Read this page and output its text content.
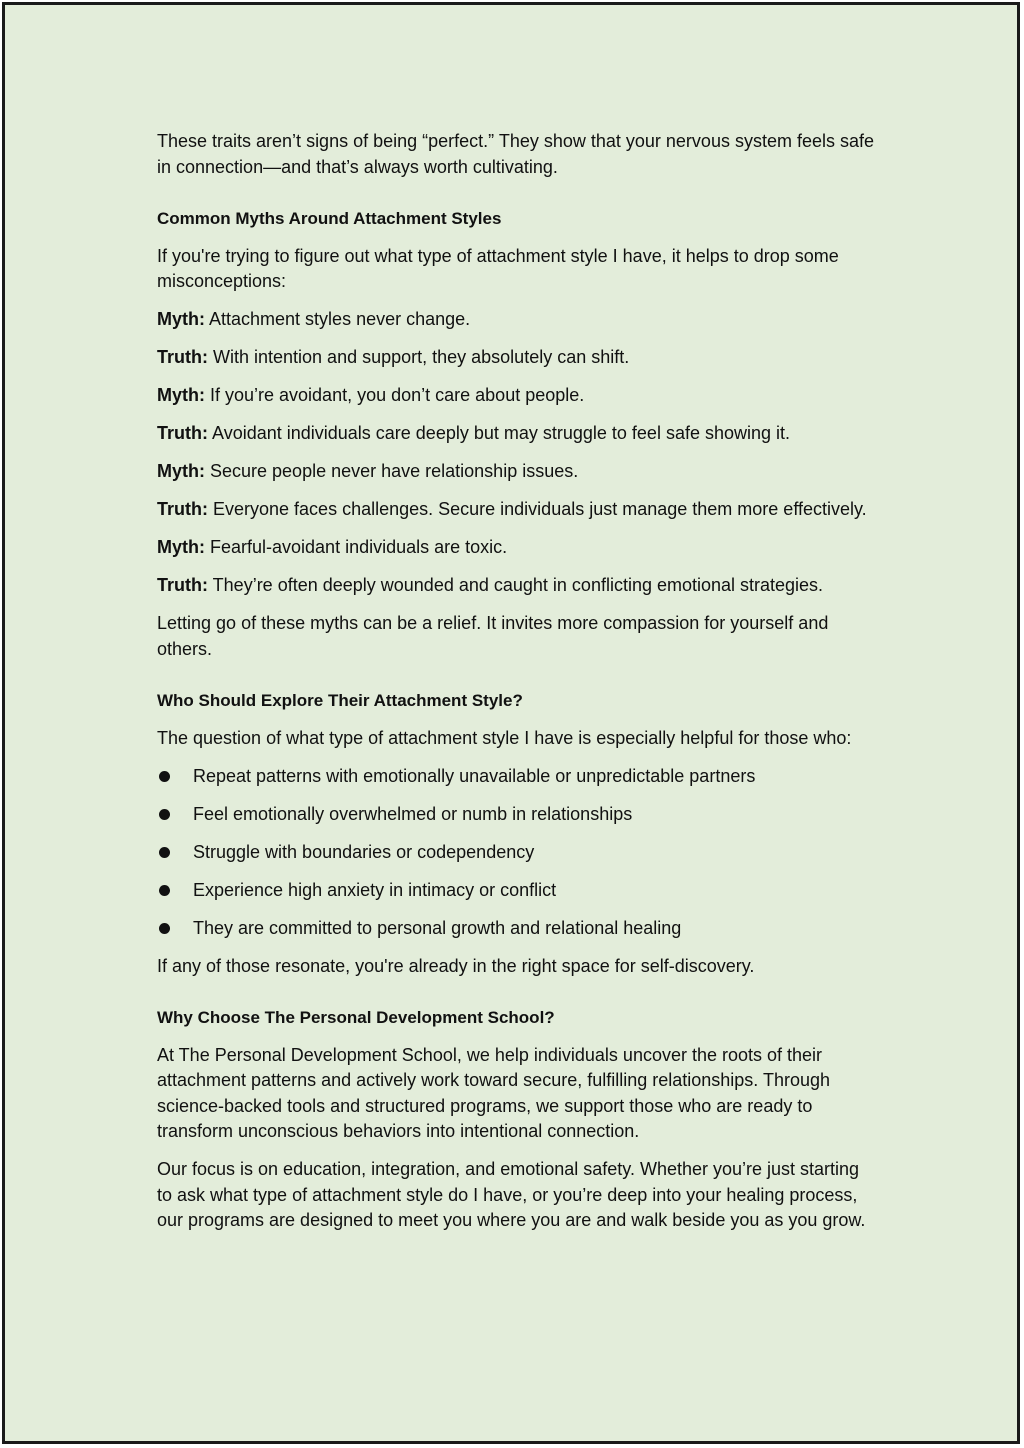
These traits aren’t signs of being “perfect.” They show that your nervous system feels safe in connection—and that’s always worth cultivating.

Common Myths Around Attachment Styles

If you're trying to figure out what type of attachment style I have, it helps to drop some misconceptions:

Myth: Attachment styles never change.

Truth: With intention and support, they absolutely can shift.

Myth: If you’re avoidant, you don’t care about people.

Truth: Avoidant individuals care deeply but may struggle to feel safe showing it.

Myth: Secure people never have relationship issues.

Truth: Everyone faces challenges. Secure individuals just manage them more effectively.

Myth: Fearful-avoidant individuals are toxic.

Truth: They’re often deeply wounded and caught in conflicting emotional strategies.

Letting go of these myths can be a relief. It invites more compassion for yourself and others.

Who Should Explore Their Attachment Style?

The question of what type of attachment style I have is especially helpful for those who:

Repeat patterns with emotionally unavailable or unpredictable partners
Feel emotionally overwhelmed or numb in relationships
Struggle with boundaries or codependency
Experience high anxiety in intimacy or conflict
They are committed to personal growth and relational healing

If any of those resonate, you're already in the right space for self-discovery.

Why Choose The Personal Development School?

At The Personal Development School, we help individuals uncover the roots of their attachment patterns and actively work toward secure, fulfilling relationships. Through science-backed tools and structured programs, we support those who are ready to transform unconscious behaviors into intentional connection.

Our focus is on education, integration, and emotional safety. Whether you’re just starting to ask what type of attachment style do I have, or you’re deep into your healing process, our programs are designed to meet you where you are and walk beside you as you grow.
